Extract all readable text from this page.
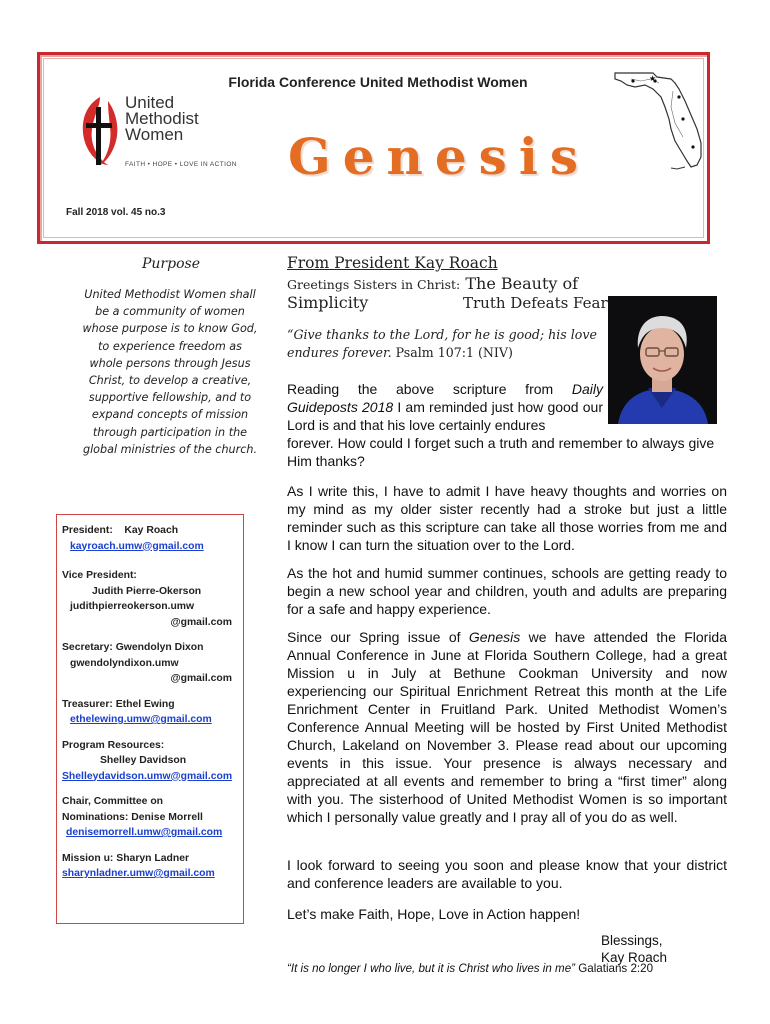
United
Methodist
Women
FAITH • HOPE • LOVE IN ACTION
Florida Conference United Methodist Women
Genesis
Fall 2018 vol. 45 no.3
★
Purpose
United Methodist Women shall be a community of women whose purpose is to know God, to experience freedom as whole persons through Jesus Christ, to develop a creative, supportive fellowship, and to expand concepts of mission through participation in the global ministries of the church.
President: Kay Roach
kayroach.umw@gmail.com
Vice President:
Judith Pierre-Okerson
judithpierreokerson.umw
@gmail.com
Secretary: Gwendolyn Dixon
gwendolyndixon.umw
@gmail.com
Treasurer: Ethel Ewing
ethelewing.umw@gmail.com
Program Resources:
Shelley Davidson
Shelleydavidson.umw@gmail.com
Chair, Committee on
Nominations: Denise Morrell
denisemorrell.umw@gmail.com
Mission u: Sharyn Ladner
sharynladner.umw@gmail.com
From President Kay Roach
Greetings Sisters in Christ: The Beauty of Simplicity	Truth Defeats Fear
“Give thanks to the Lord, for he is good; his love endures forever. Psalm 107:1 (NIV)
Reading the above scripture from Daily Guideposts 2018 I am reminded just how good our Lord is and that his love certainly endures
forever. How could I forget such a truth and remember to always give Him thanks?
As I write this, I have to admit I have heavy thoughts and worries on my mind as my older sister recently had a stroke but just a little reminder such as this scripture can take all those worries from me and I know I can turn the situation over to the Lord.
As the hot and humid summer continues, schools are getting ready to begin a new school year and children, youth and adults are preparing for a safe and happy experience.
Since our Spring issue of Genesis we have attended the Florida Annual Conference in June at Florida Southern College, had a great Mission u in July at Bethune Cookman University and now experiencing our Spiritual Enrichment Retreat this month at the Life Enrichment Center in Fruitland Park. United Methodist Women’s Conference Annual Meeting will be hosted by First United Methodist Church, Lakeland on November 3. Please read about our upcoming events in this issue. Your presence is always necessary and appreciated at all events and remember to bring a “first timer” along with you. The sisterhood of United Methodist Women is so important which I personally value greatly and I pray all of you do as well.
I look forward to seeing you soon and please know that your district and conference leaders are available to you.
Let’s make Faith, Hope, Love in Action happen!
Blessings,
Kay Roach
“It is no longer I who live, but it is Christ who lives in me” Galatians 2:20
